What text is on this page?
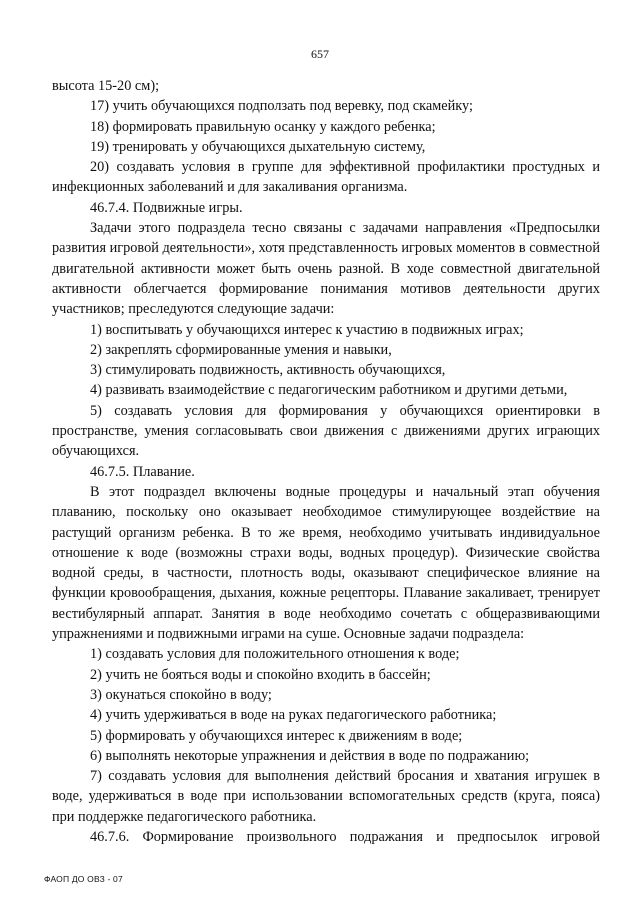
657

высота 15-20 см);

17) учить обучающихся подползать под веревку, под скамейку;

18) формировать правильную осанку у каждого ребенка;

19) тренировать у обучающихся дыхательную систему,

20) создавать условия в группе для эффективной профилактики простудных и инфекционных заболеваний и для закаливания организма.

46.7.4. Подвижные игры.

Задачи этого подраздела тесно связаны с задачами направления «Предпосылки развития игровой деятельности», хотя представленность игровых моментов в совместной двигательной активности может быть очень разной. В ходе совместной двигательной активности облегчается формирование понимания мотивов деятельности других участников; преследуются следующие задачи:

1) воспитывать у обучающихся интерес к участию в подвижных играх;

2) закреплять сформированные умения и навыки,

3) стимулировать подвижность, активность обучающихся,

4) развивать взаимодействие с педагогическим работником и другими детьми,

5) создавать условия для формирования у обучающихся ориентировки в пространстве, умения согласовывать свои движения с движениями других играющих обучающихся.

46.7.5. Плавание.

В этот подраздел включены водные процедуры и начальный этап обучения плаванию, поскольку оно оказывает необходимое стимулирующее воздействие на растущий организм ребенка. В то же время, необходимо учитывать индивидуальное отношение к воде (возможны страхи воды, водных процедур). Физические свойства водной среды, в частности, плотность воды, оказывают специфическое влияние на функции кровообращения, дыхания, кожные рецепторы. Плавание закаливает, тренирует вестибулярный аппарат. Занятия в воде необходимо сочетать с общеразвивающими упражнениями и подвижными играми на суше. Основные задачи подраздела:

1) создавать условия для положительного отношения к воде;

2) учить не бояться воды и спокойно входить в бассейн;

3) окунаться спокойно в воду;

4) учить удерживаться в воде на руках педагогического работника;

5) формировать у обучающихся интерес к движениям в воде;

6) выполнять некоторые упражнения и действия в воде по подражанию;

7) создавать условия для выполнения действий бросания и хватания игрушек в воде, удерживаться в воде при использовании вспомогательных средств (круга, пояса) при поддержке педагогического работника.

46.7.6. Формирование произвольного подражания и предпосылок игровой

ФАОП ДО ОВЗ - 07
